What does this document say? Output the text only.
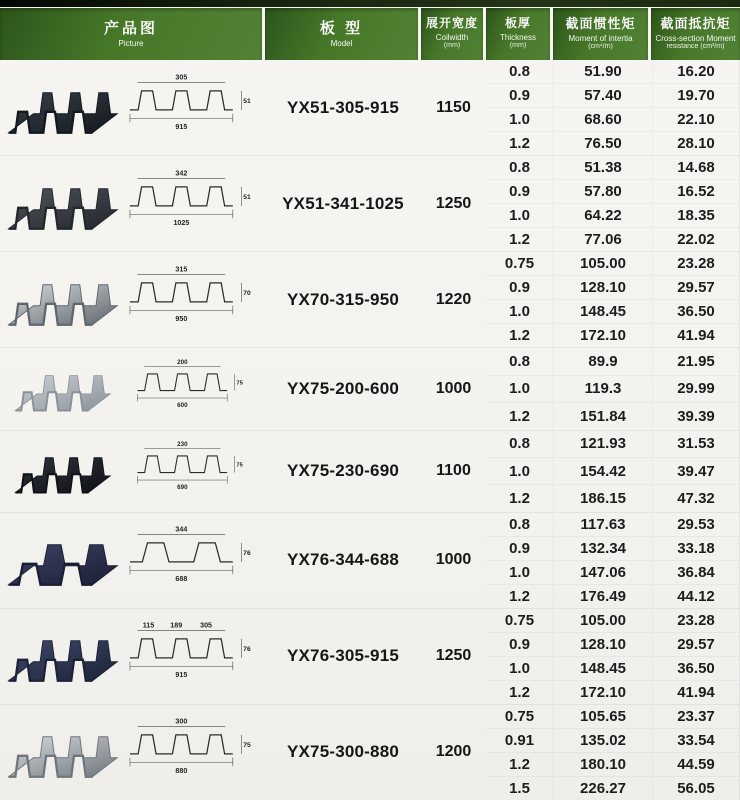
产品图
Picture
板 型
Model
展开宽度
Coilwidth
(mm)
板厚
Thickness
(mm)
截面惯性矩
Moment of intertia
(cm⁴/m)
截面抵抗矩
Cross-section Moment
resistance (cm³/m)
305
915
51 YX51-305-915 1150
0.8
0.9
1.0
1.2
51.90
57.40
68.60
76.50
16.20
19.70
22.10
28.10
342
1025
51 YX51-341-1025 1250
0.8
0.9
1.0
1.2
51.38
57.80
64.22
77.06
14.68
16.52
18.35
22.02
315
950
70 YX70-315-950 1220
0.75
0.9
1.0
1.2
105.00
128.10
148.45
172.10
23.28
29.57
36.50
41.94
200
600
75	YX75-200-600 1000
0.8
1.0
1.2
89.9
119.3
151.84
21.95
29.99
39.39
230
690
75	YX75-230-690 1100
0.8
1.0
1.2
121.93
154.42
186.15
31.53
39.47
47.32
344
688
76 YX76-344-688 1000
0.8
0.9
1.0
1.2
117.63
132.34
147.06
176.49
29.53
33.18
36.84
44.12
115 189 305
915
76 YX76-305-915 1250
0.75
0.9
1.0
1.2
105.00
128.10
148.45
172.10
23.28
29.57
36.50
41.94
300
880
75 YX75-300-880 1200
0.75
0.91
1.2
1.5
105.65
135.02
180.10
226.27
23.37
33.54
44.59
56.05
